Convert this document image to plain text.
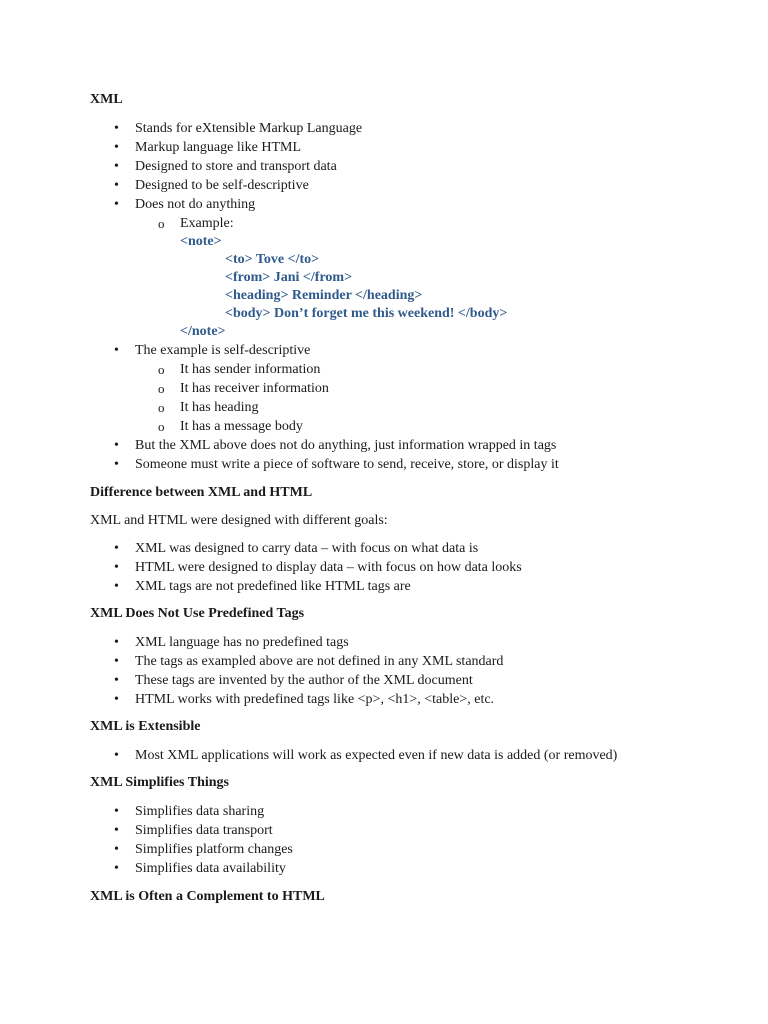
XML

• Stands for eXtensible Markup Language
• Markup language like HTML
• Designed to store and transport data
• Designed to be self-descriptive
• Does not do anything
o Example:
<note>
<to> Tove </to>
<from> Jani </from>
<heading> Reminder </heading>
<body> Don’t forget me this weekend! </body>
</note>
• The example is self-descriptive
o It has sender information
o It has receiver information
o It has heading
o It has a message body
• But the XML above does not do anything, just information wrapped in tags
• Someone must write a piece of software to send, receive, store, or display it

Difference between XML and HTML

XML and HTML were designed with different goals:

• XML was designed to carry data – with focus on what data is
• HTML were designed to display data – with focus on how data looks
• XML tags are not predefined like HTML tags are

XML Does Not Use Predefined Tags

• XML language has no predefined tags
• The tags as exampled above are not defined in any XML standard
• These tags are invented by the author of the XML document
• HTML works with predefined tags like <p>, <h1>, <table>, etc.

XML is Extensible

• Most XML applications will work as expected even if new data is added (or removed)

XML Simplifies Things

• Simplifies data sharing
• Simplifies data transport
• Simplifies platform changes
• Simplifies data availability

XML is Often a Complement to HTML
